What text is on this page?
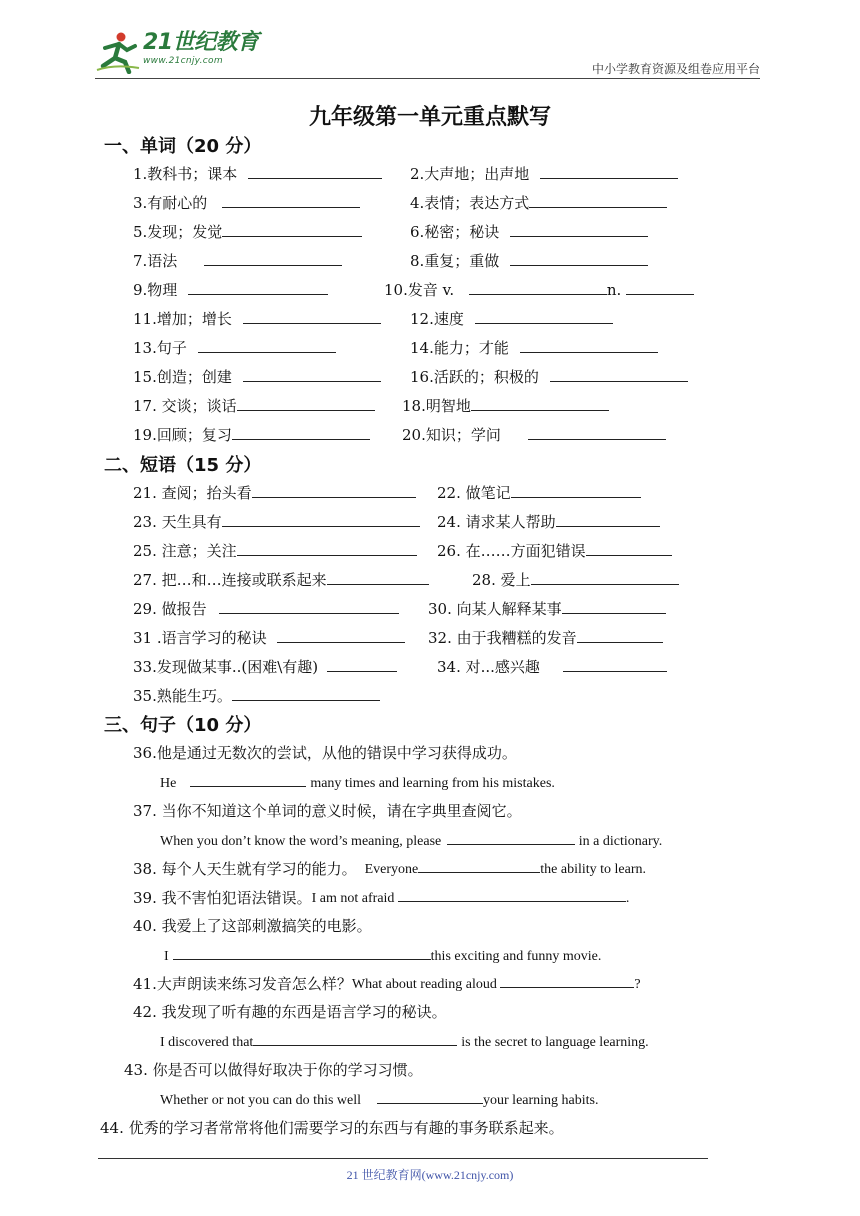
21世纪教育
www.21cnjy.com
中小学教育资源及组卷应用平台
九年级第一单元重点默写
一、单词（20 分）
1.教科书；课本	2.大声地；出声地
3.有耐心的	4.表情；表达方式
5.发现；发觉	6.秘密；秘诀
7.语法	8.重复；重做
9.物理	10.发音 v.	n.
11.增加；增长	12.速度
13.句子	14.能力；才能
15.创造；创建	16.活跃的；积极的
17. 交谈；谈话	18.明智地
19.回顾；复习	20.知识；学问
二、短语（15 分）
21. 查阅；抬头看	22. 做笔记
23. 天生具有	24. 请求某人帮助
25. 注意；关注	26. 在……方面犯错误
27. 把…和…连接或联系起来	28. 爱上
29. 做报告	30. 向某人解释某事
31 .语言学习的秘诀	32. 由于我糟糕的发音
33.发现做某事..(困难\有趣)	34. 对...感兴趣
35.熟能生巧。
三、句子（10 分）
36.他是通过无数次的尝试，从他的错误中学习获得成功。
He	many times and learning from his mistakes.
37. 当你不知道这个单词的意义时候，请在字典里查阅它。
When you don’t know the word’s meaning, please	in a dictionary.
38. 每个人天生就有学习的能力。 Everyone	the ability to learn.
39. 我不害怕犯语法错误。I am not afraid	.
40. 我爱上了这部刺激搞笑的电影。
I	this exciting and funny movie.
41.大声朗读来练习发音怎么样？What about reading aloud	?
42. 我发现了听有趣的东西是语言学习的秘诀。
I discovered that	is the secret to language learning.
43. 你是否可以做得好取决于你的学习习惯。
Whether or not you can do this well	your learning habits.
44. 优秀的学习者常常将他们需要学习的东西与有趣的事务联系起来。
21 世纪教育网(www.21cnjy.com)
